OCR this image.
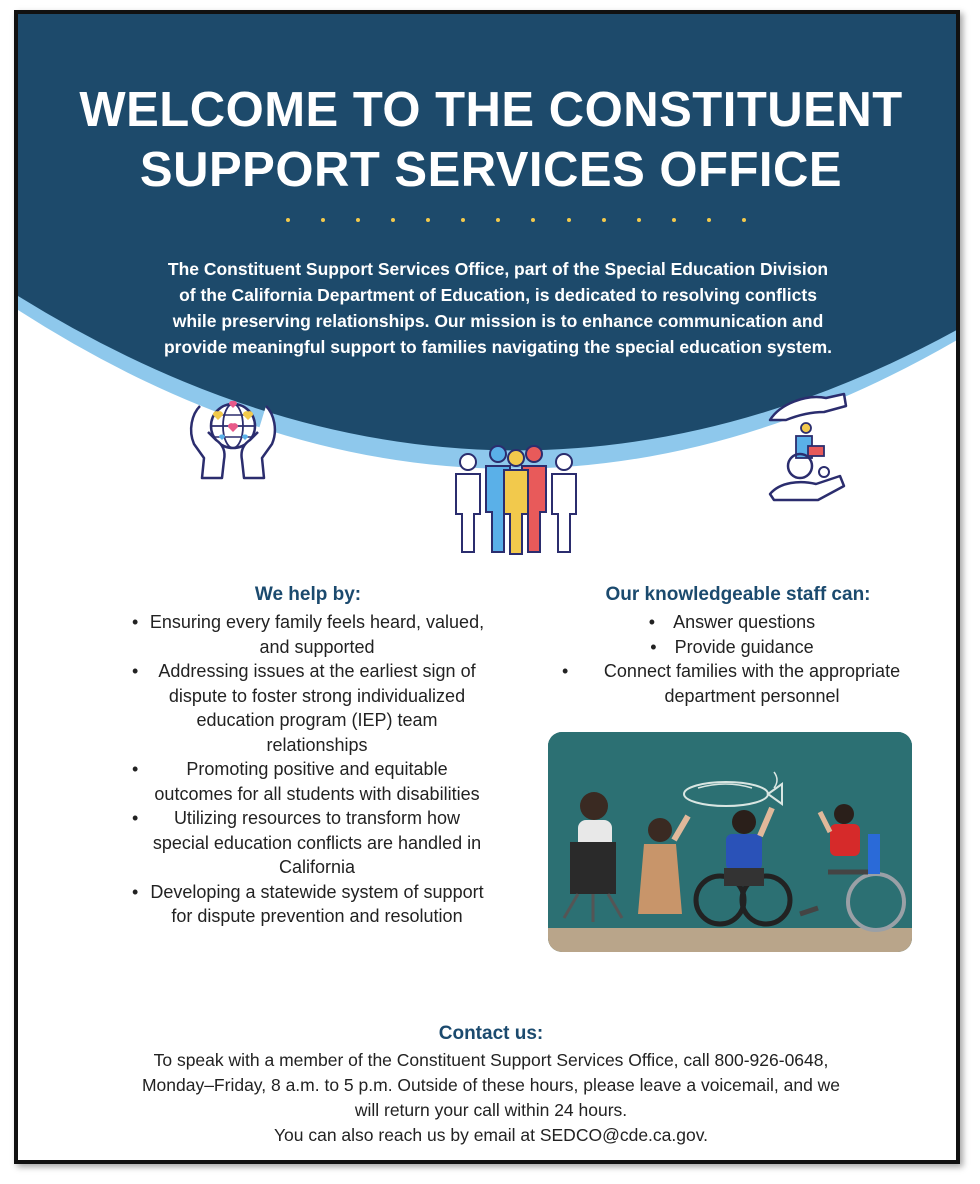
WELCOME TO THE CONSTITUENT
SUPPORT SERVICES OFFICE

The Constituent Support Services Office, part of the Special Education Division
of the California Department of Education, is dedicated to resolving conflicts
while preserving relationships. Our mission is to enhance communication and
provide meaningful support to families navigating the special education system.

We help by:
• Ensuring every family feels heard, valued, and supported
• Addressing issues at the earliest sign of dispute to foster strong individualized education program (IEP) team relationships
• Promoting positive and equitable outcomes for all students with disabilities
• Utilizing resources to transform how special education conflicts are handled in California
• Developing a statewide system of support for dispute prevention and resolution
Our knowledgeable staff can:
• Answer questions
• Provide guidance
• Connect families with the appropriate department personnel
Contact us:

To speak with a member of the Constituent Support Services Office, call 800-926-0648,

Monday–Friday, 8 a.m. to 5 p.m. Outside of these hours, please leave a voicemail, and we

will return your call within 24 hours.

You can also reach us by email at SEDCO@cde.ca.gov.
